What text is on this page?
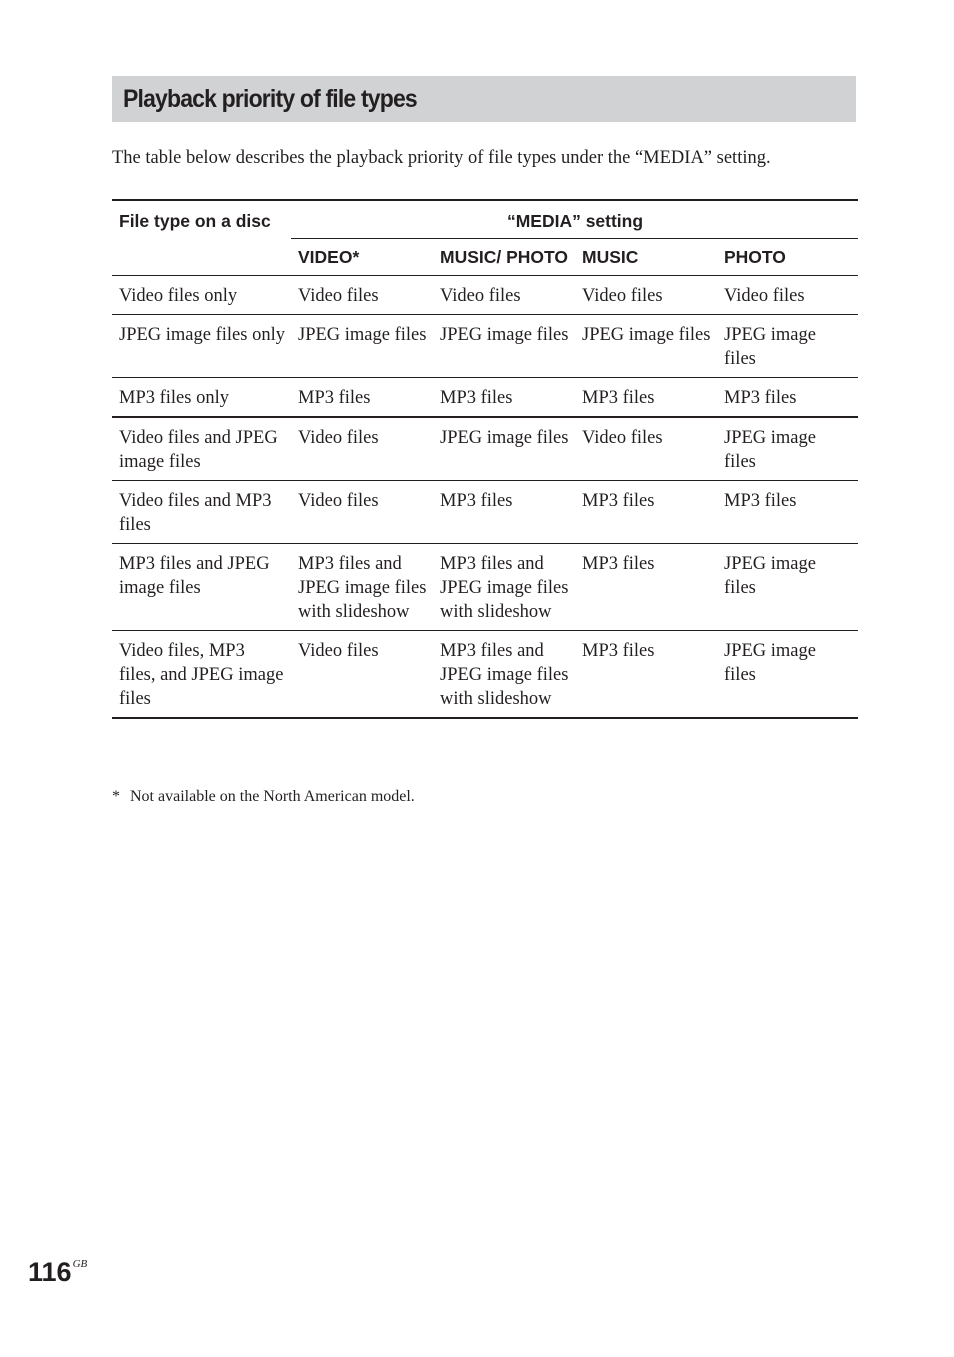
Playback priority of file types

The table below describes the playback priority of file types under the “MEDIA” setting.

File type on a disc	“MEDIA” setting			
	VIDEO*	MUSIC/ PHOTO	MUSIC	PHOTO
Video files only	Video files	Video files	Video files	Video files
JPEG image files only	JPEG image files	JPEG image files	JPEG image files	JPEG image files
MP3 files only	MP3 files	MP3 files	MP3 files	MP3 files
Video files and JPEG image files	Video files	JPEG image files	Video files	JPEG image files
Video files and MP3 files	Video files	MP3 files	MP3 files	MP3 files
MP3 files and JPEG image files	MP3 files and JPEG image files with slideshow	MP3 files and JPEG image files with slideshow	MP3 files	JPEG image files
Video files, MP3 files, and JPEG image files	Video files	MP3 files and JPEG image files with slideshow	MP3 files	JPEG image files
* Not available on the North American model.
$116^{GB}$
